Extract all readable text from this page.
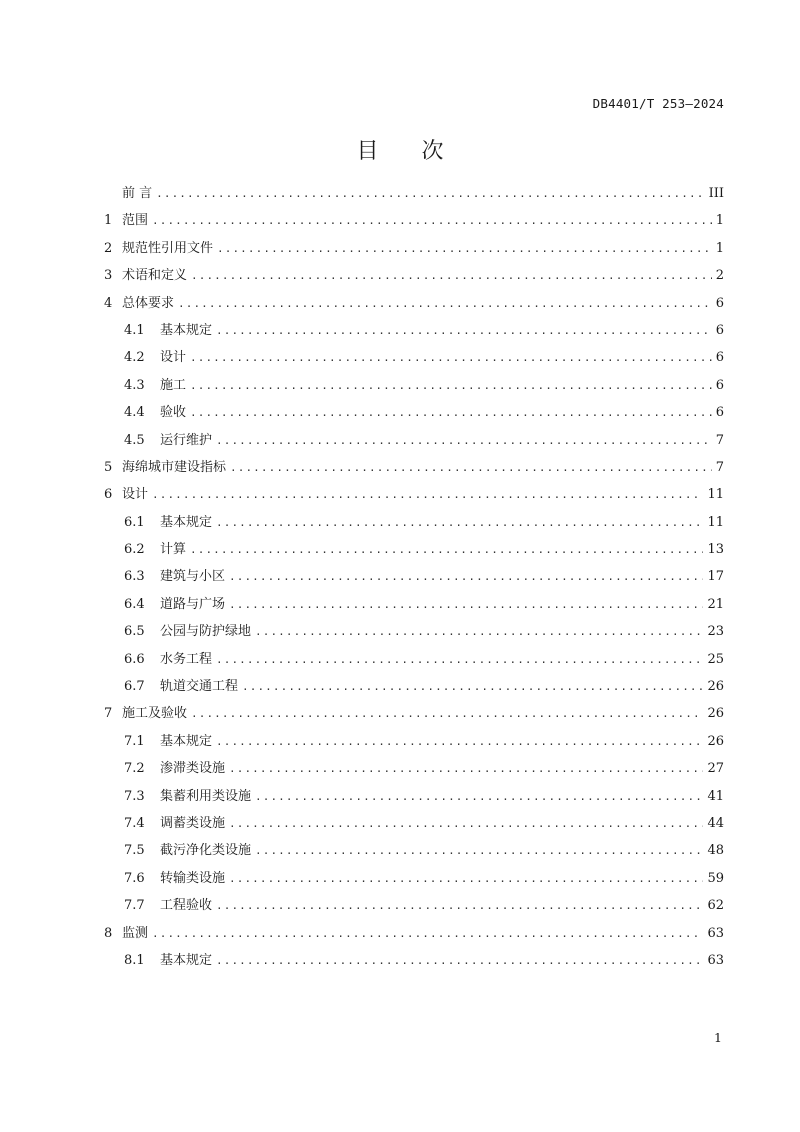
DB4401/T 253—2024
目 次
前 言 .....	III
1 范围 .....	1
2 规范性引用文件 .....	1
3 术语和定义 .....	2
4 总体要求 .....	6
4.1	基本规定 .....	6
4.2	设计 .....	6
4.3	施工 .....	6
4.4	验收 .....	6
4.5	运行维护 .....	7
5 海绵城市建设指标 .....	7
6 设计 .....	11
6.1	基本规定 .....	11
6.2	计算 .....	13
6.3	建筑与小区 .....	17
6.4	道路与广场 .....	21
6.5	公园与防护绿地 .....	23
6.6	水务工程 .....	25
6.7	轨道交通工程 .....	26
7 施工及验收 .....	26
7.1	基本规定 .....	26
7.2	渗滞类设施 .....	27
7.3	集蓄利用类设施 .....	41
7.4	调蓄类设施 .....	44
7.5	截污净化类设施 .....	48
7.6	转输类设施 .....	59
7.7	工程验收 .....	62
8 监测 .....	63
8.1	基本规定 .....	63
1
